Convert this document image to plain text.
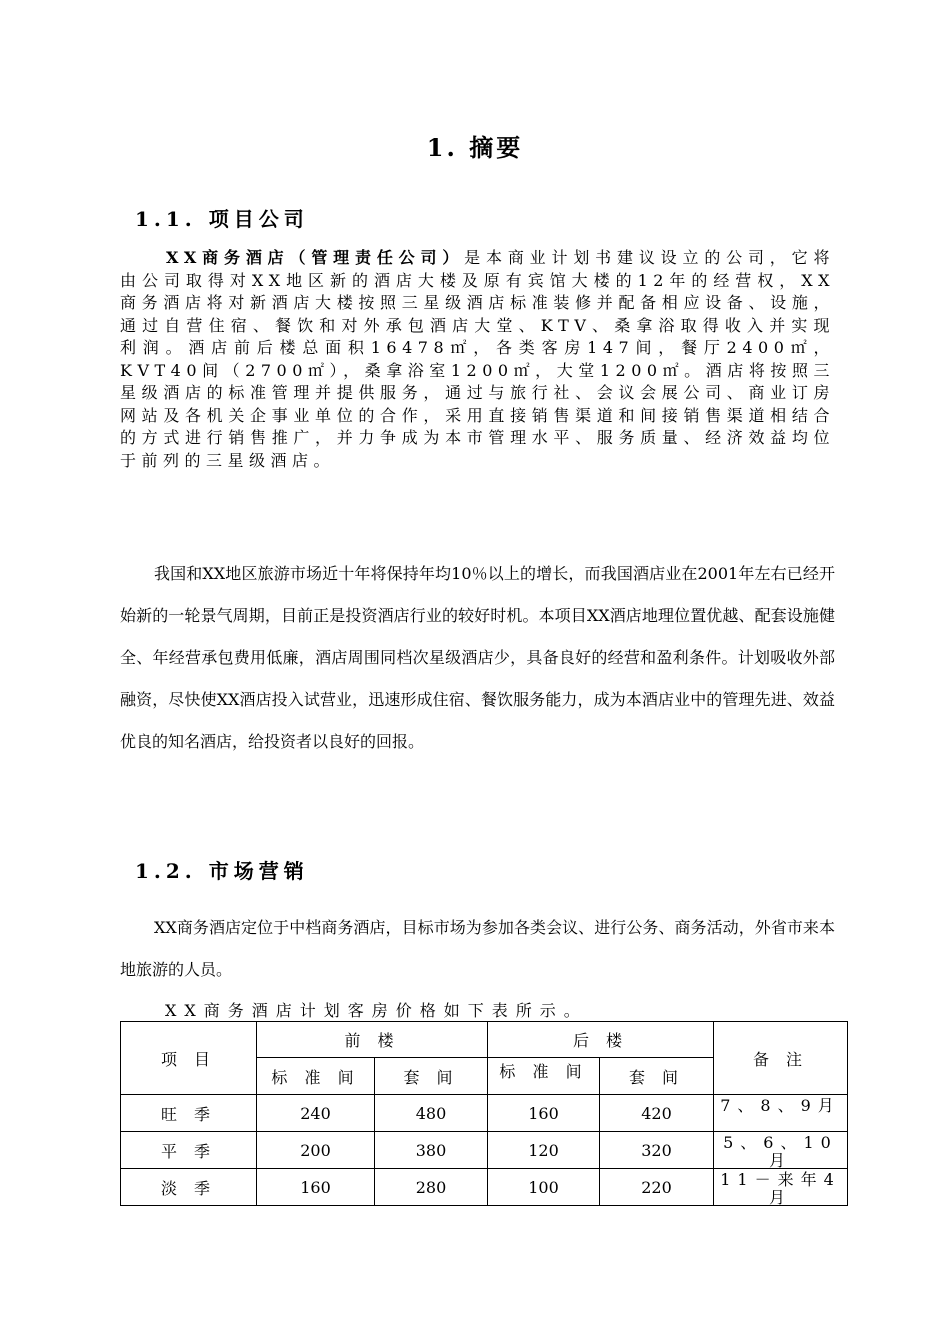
1. 摘要
1.1. 项目公司
XX商务酒店（管理责任公司）是本商业计划书建议设立的公司，它将由公司取得对XX地区新的酒店大楼及原有宾馆大楼的12年的经营权，XX商务酒店将对新酒店大楼按照三星级酒店标准装修并配备相应设备、设施，通过自营住宿、餐饮和对外承包酒店大堂、KTV、桑拿浴取得收入并实现利润。酒店前后楼总面积16478㎡，各类客房147间，餐厅2400㎡，KVT40间（2700㎡），桑拿浴室1200㎡，大堂1200㎡。酒店将按照三星级酒店的标准管理并提供服务，通过与旅行社、会议会展公司、商业订房网站及各机关企事业单位的合作，采用直接销售渠道和间接销售渠道相结合的方式进行销售推广，并力争成为本市管理水平、服务质量、经济效益均位于前列的三星级酒店。
我国和XX地区旅游市场近十年将保持年均10％以上的增长，而我国酒店业在2001年左右已经开始新的一轮景气周期，目前正是投资酒店行业的较好时机。本项目XX酒店地理位置优越、配套设施健全、年经营承包费用低廉，酒店周围同档次星级酒店少，具备良好的经营和盈利条件。计划吸收外部融资，尽快使XX酒店投入试营业，迅速形成住宿、餐饮服务能力，成为本酒店业中的管理先进、效益优良的知名酒店，给投资者以良好的回报。
1.2. 市场营销
XX商务酒店定位于中档商务酒店，目标市场为参加各类会议、进行公务、商务活动，外省市来本地旅游的人员。
XX商务酒店计划客房价格如下表所示。
项 目	前 楼		后 楼		备 注
	标 准 间	套 间	标 准 间	套 间	
旺 季	240	480	160	420	7、8、9月

平 季	200	380	120	320	5、6、10月

淡 季	160	280	100	220	11－来年4月
